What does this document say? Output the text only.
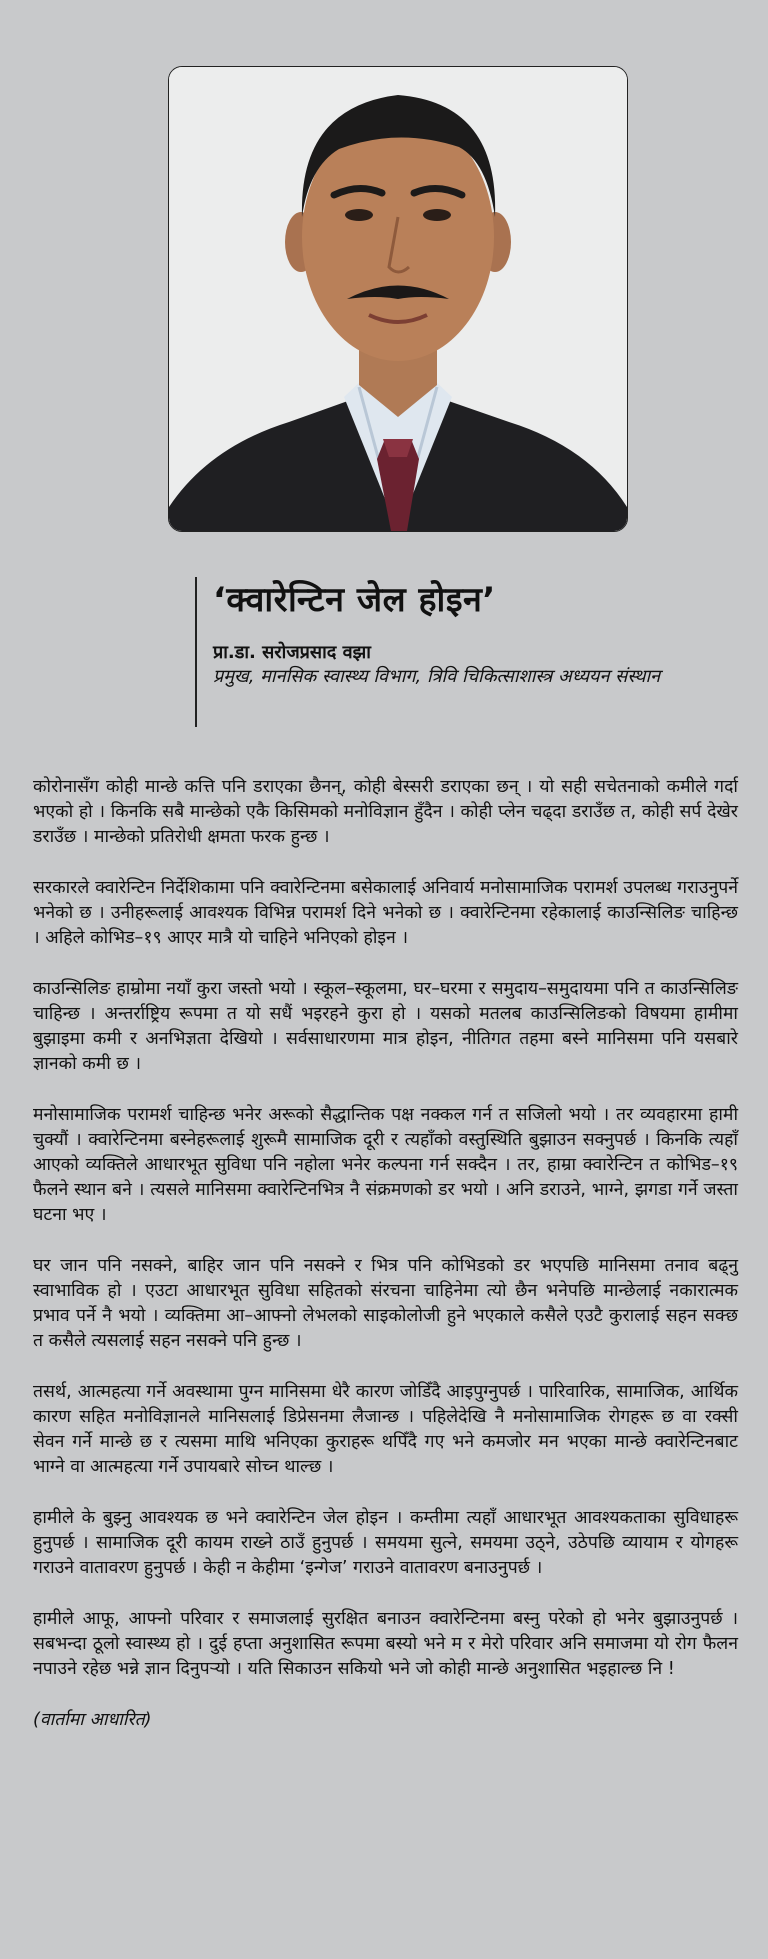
‘क्वारेन्टिन जेल होइन’
प्रा.डा. सरोजप्रसाद वझा
प्रमुख, मानसिक स्वास्थ्य विभाग, त्रिवि चिकित्साशास्त्र अध्ययन संस्थान

कोरोनासँग कोही मान्छे कत्ति पनि डराएका छैनन्, कोही बेस्सरी डराएका छन् । यो सही सचेतनाको कमीले गर्दा भएको हो । किनकि सबै मान्छेको एकै किसिमको मनोविज्ञान हुँदैन । कोही प्लेन चढ्दा डराउँछ त, कोही सर्प देखेर डराउँछ । मान्छेको प्रतिरोधी क्षमता फरक हुन्छ ।

सरकारले क्वारेन्टिन निर्देशिकामा पनि क्वारेन्टिनमा बसेकालाई अनिवार्य मनोसामाजिक परामर्श उपलब्ध गराउनुपर्ने भनेको छ । उनीहरूलाई आवश्यक विभिन्न परामर्श दिने भनेको छ । क्वारेन्टिनमा रहेकालाई काउन्सिलिङ चाहिन्छ । अहिले कोभिड–१९ आएर मात्रै यो चाहिने भनिएको होइन ।

काउन्सिलिङ हाम्रोमा नयाँ कुरा जस्तो भयो । स्कूल–स्कूलमा, घर–घरमा र समुदाय–समुदायमा पनि त काउन्सिलिङ चाहिन्छ । अन्तर्राष्ट्रिय रूपमा त यो सधैं भइरहने कुरा हो । यसको मतलब काउन्सिलिङको विषयमा हामीमा बुझाइमा कमी र अनभिज्ञता देखियो । सर्वसाधारणमा मात्र होइन, नीतिगत तहमा बस्ने मानिसमा पनि यसबारे ज्ञानको कमी छ ।

मनोसामाजिक परामर्श चाहिन्छ भनेर अरूको सैद्धान्तिक पक्ष नक्कल गर्न त सजिलो भयो । तर व्यवहारमा हामी चुक्यौं । क्वारेन्टिनमा बस्नेहरूलाई शुरूमै सामाजिक दूरी र त्यहाँको वस्तुस्थिति बुझाउन सक्नुपर्छ । किनकि त्यहाँ आएको व्यक्तिले आधारभूत सुविधा पनि नहोला भनेर कल्पना गर्न सक्दैन । तर, हाम्रा क्वारेन्टिन त कोभिड–१९ फैलने स्थान बने । त्यसले मानिसमा क्वारेन्टिनभित्र नै संक्रमणको डर भयो । अनि डराउने, भाग्ने, झगडा गर्ने जस्ता घटना भए ।

घर जान पनि नसक्ने, बाहिर जान पनि नसक्ने र भित्र पनि कोभिडको डर भएपछि मानिसमा तनाव बढ्नु स्वाभाविक हो । एउटा आधारभूत सुविधा सहितको संरचना चाहिनेमा त्यो छैन भनेपछि मान्छेलाई नकारात्मक प्रभाव पर्ने नै भयो । व्यक्तिमा आ–आफ्नो लेभलको साइकोलोजी हुने भएकाले कसैले एउटै कुरालाई सहन सक्छ त कसैले त्यसलाई सहन नसक्ने पनि हुन्छ ।

तसर्थ, आत्महत्या गर्ने अवस्थामा पुग्न मानिसमा धेरै कारण जोडिँदै आइपुग्नुपर्छ । पारिवारिक, सामाजिक, आर्थिक कारण सहित मनोविज्ञानले मानिसलाई डिप्रेसनमा लैजान्छ । पहिलेदेखि नै मनोसामाजिक रोगहरू छ वा रक्सी सेवन गर्ने मान्छे छ र त्यसमा माथि भनिएका कुराहरू थपिँदै गए भने कमजोर मन भएका मान्छे क्वारेन्टिनबाट भाग्ने वा आत्महत्या गर्ने उपायबारे सोच्न थाल्छ ।

हामीले के बुझ्नु आवश्यक छ भने क्वारेन्टिन जेल होइन । कम्तीमा त्यहाँ आधारभूत आवश्यकताका सुविधाहरू हुनुपर्छ । सामाजिक दूरी कायम राख्ने ठाउँ हुनुपर्छ । समयमा सुत्ने, समयमा उठ्ने, उठेपछि व्यायाम र योगहरू गराउने वातावरण हुनुपर्छ । केही न केहीमा ‘इन्गेज’ गराउने वातावरण बनाउनुपर्छ ।

हामीले आफू, आफ्नो परिवार र समाजलाई सुरक्षित बनाउन क्वारेन्टिनमा बस्नु परेको हो भनेर बुझाउनुपर्छ । सबभन्दा ठूलो स्वास्थ्य हो । दुई हप्ता अनुशासित रूपमा बस्यो भने म र मेरो परिवार अनि समाजमा यो रोग फैलन नपाउने रहेछ भन्ने ज्ञान दिनुपर्‍यो । यति सिकाउन सकियो भने जो कोही मान्छे अनुशासित भइहाल्छ नि !

(वार्तामा आधारित)
